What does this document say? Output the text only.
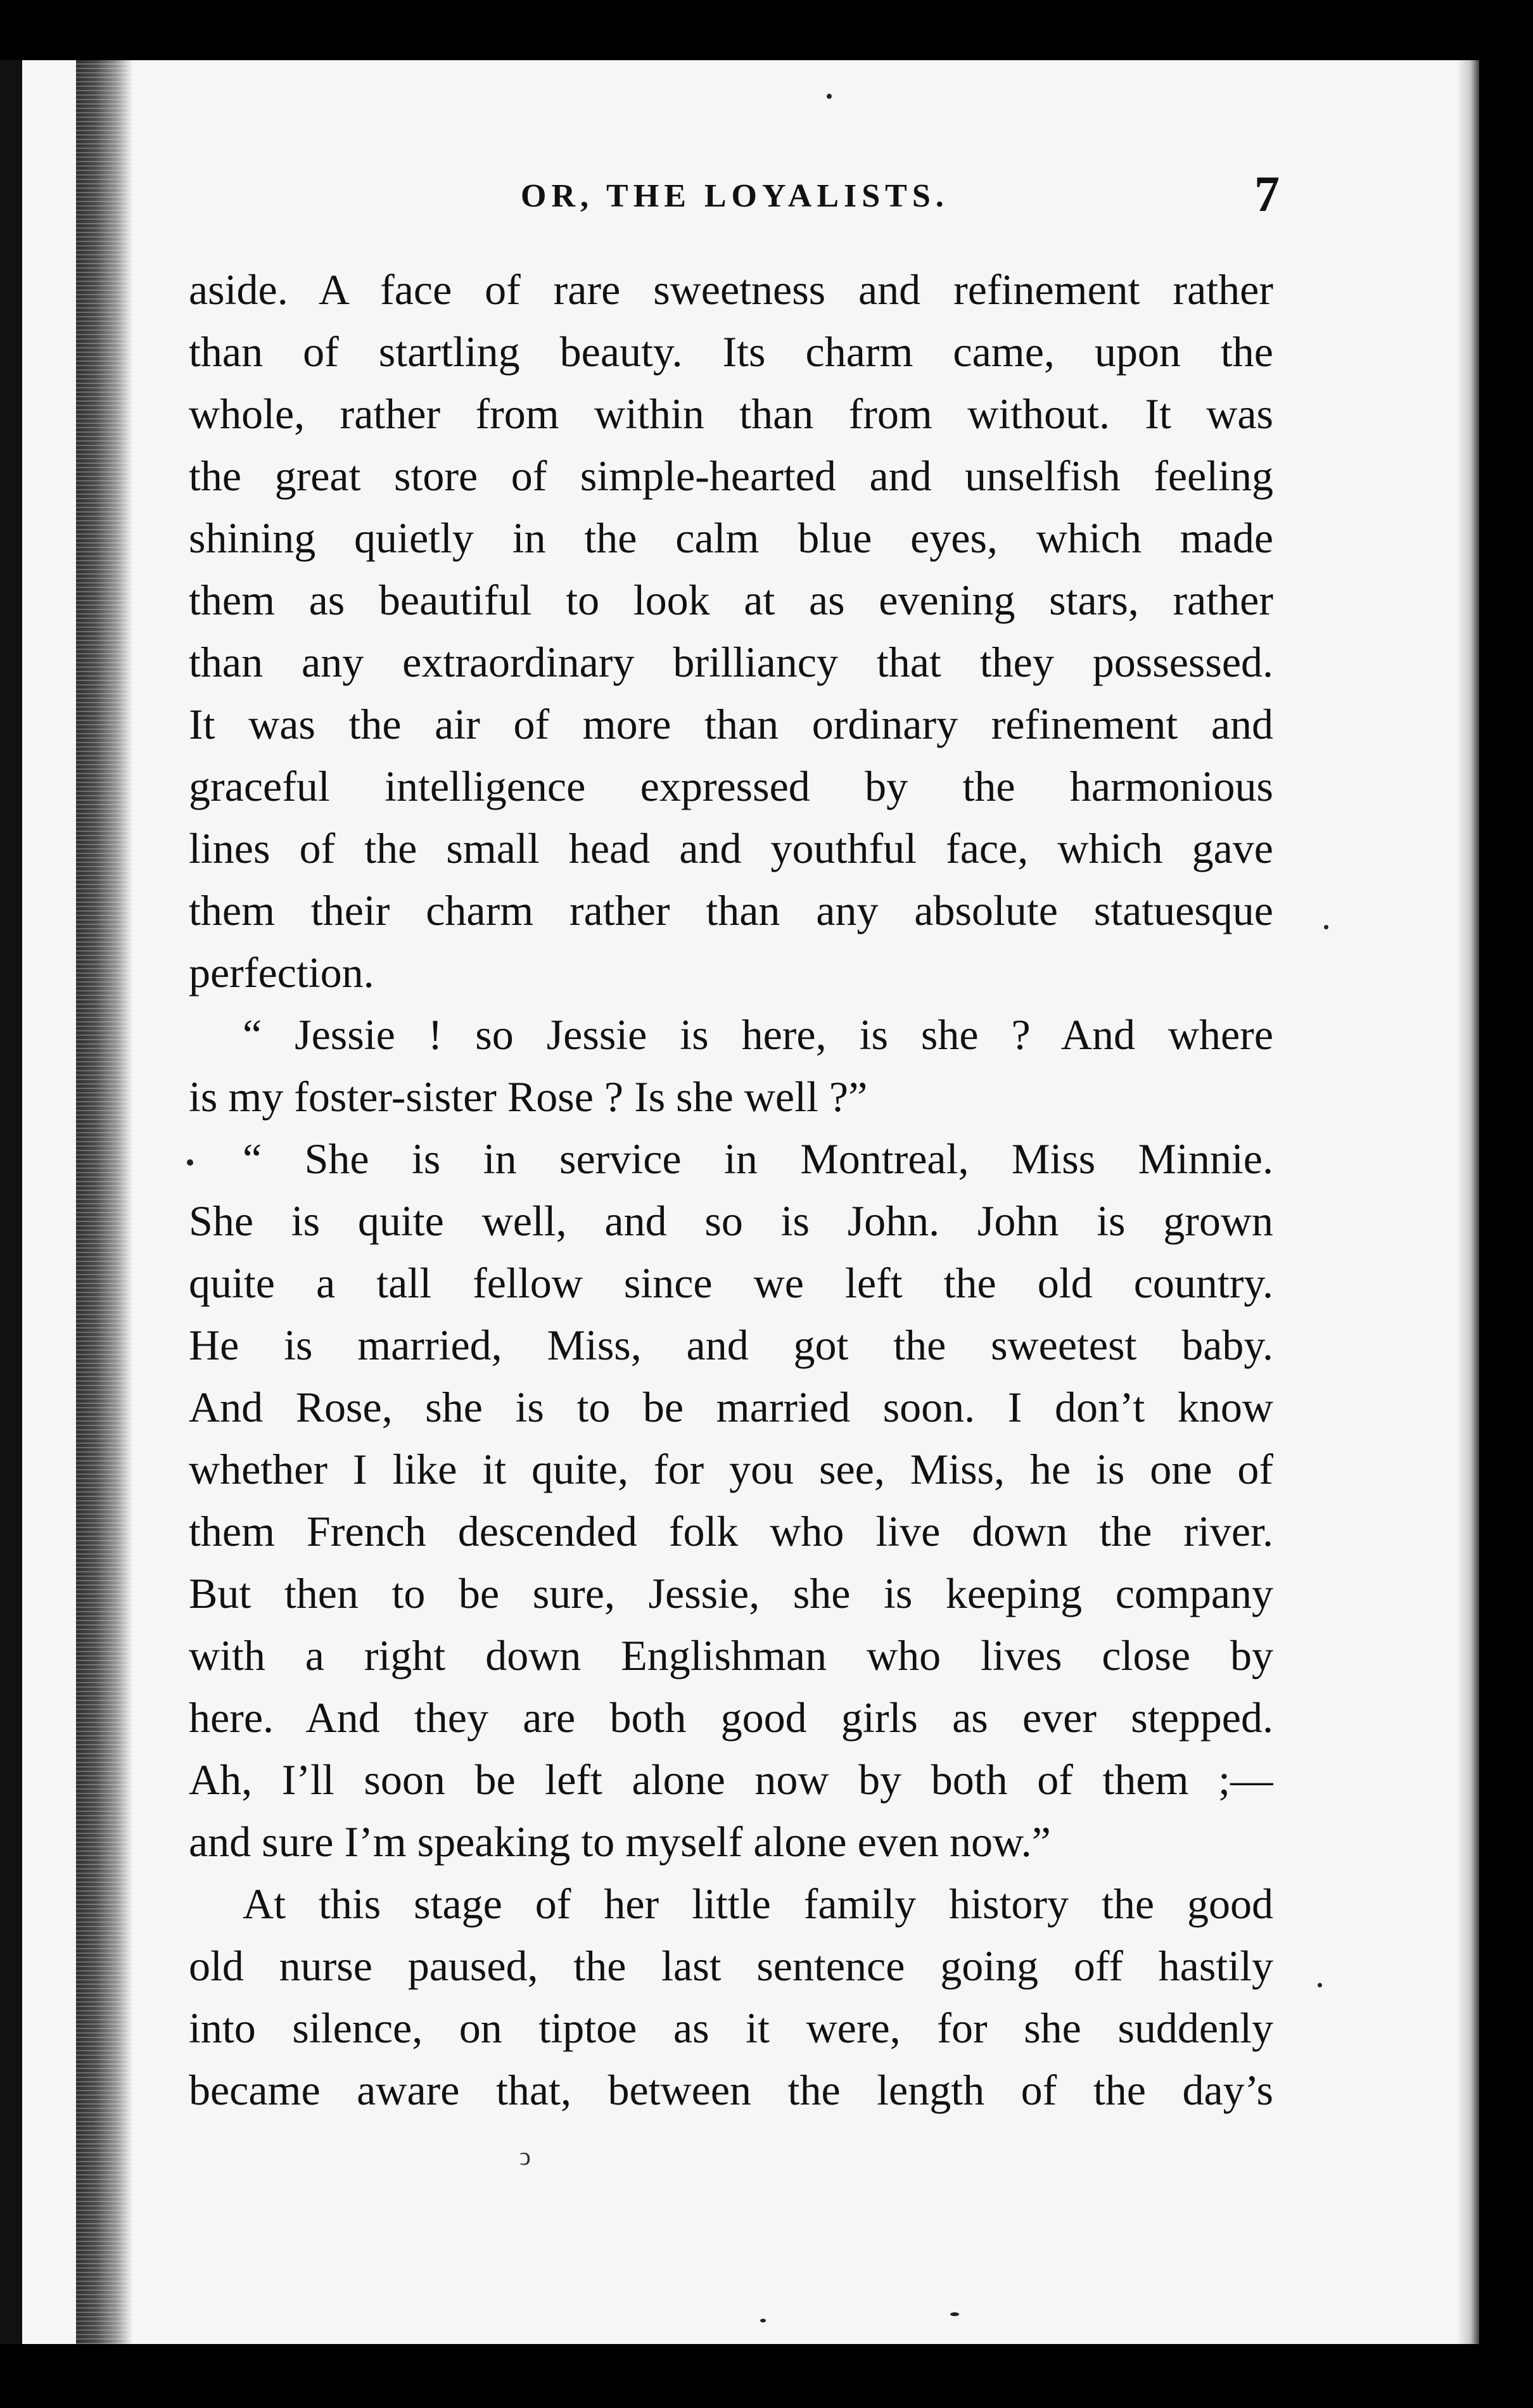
OR, THE LOYALISTS.	7
aside. A face of rare sweetness and refinement rather
than of startling beauty. Its charm came, upon the
whole, rather from within than from without. It was
the great store of simple-hearted and unselfish feeling
shining quietly in the calm blue eyes, which made
them as beautiful to look at as evening stars, rather
than any extraordinary brilliancy that they possessed.
It was the air of more than ordinary refinement and
graceful intelligence expressed by the harmonious
lines of the small head and youthful face, which gave
them their charm rather than any absolute statuesque
perfection.
“ Jessie ! so Jessie is here, is she ? And where
is my foster-sister Rose ? Is she well ?”
“ She is in service in Montreal, Miss Minnie.
She is quite well, and so is John. John is grown
quite a tall fellow since we left the old country.
He is married, Miss, and got the sweetest baby.
And Rose, she is to be married soon. I don’t know
whether I like it quite, for you see, Miss, he is one of
them French descended folk who live down the river.
But then to be sure, Jessie, she is keeping company
with a right down Englishman who lives close by
here. And they are both good girls as ever stepped.
Ah, I’ll soon be left alone now by both of them ;—
and sure I’m speaking to myself alone even now.”
At this stage of her little family history the good
old nurse paused, the last sentence going off hastily
into silence, on tiptoe as it were, for she suddenly
became aware that, between the length of the day’s
ↄ
